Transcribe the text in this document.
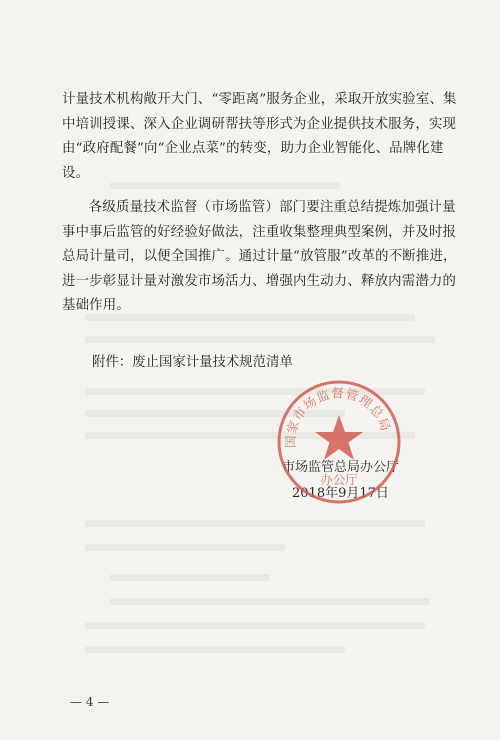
计量技术机构敞开大门、“零距离”服务企业，采取开放实验室、集中培训授课、深入企业调研帮扶等形式为企业提供技术服务，实现由“政府配餐”向“企业点菜”的转变，助力企业智能化、品牌化建设。
各级质量技术监督（市场监管）部门要注重总结提炼加强计量事中事后监管的好经验好做法，注重收集整理典型案例，并及时报总局计量司，以便全国推广。通过计量“放管服”改革的不断推进，进一步彰显计量对激发市场活力、增强内生动力、释放内需潜力的基础作用。
附件：废止国家计量技术规范清单
市场监管总局办公厅
2018年9月17日
国家市场监督管理总局
办公厅
— 4 —
